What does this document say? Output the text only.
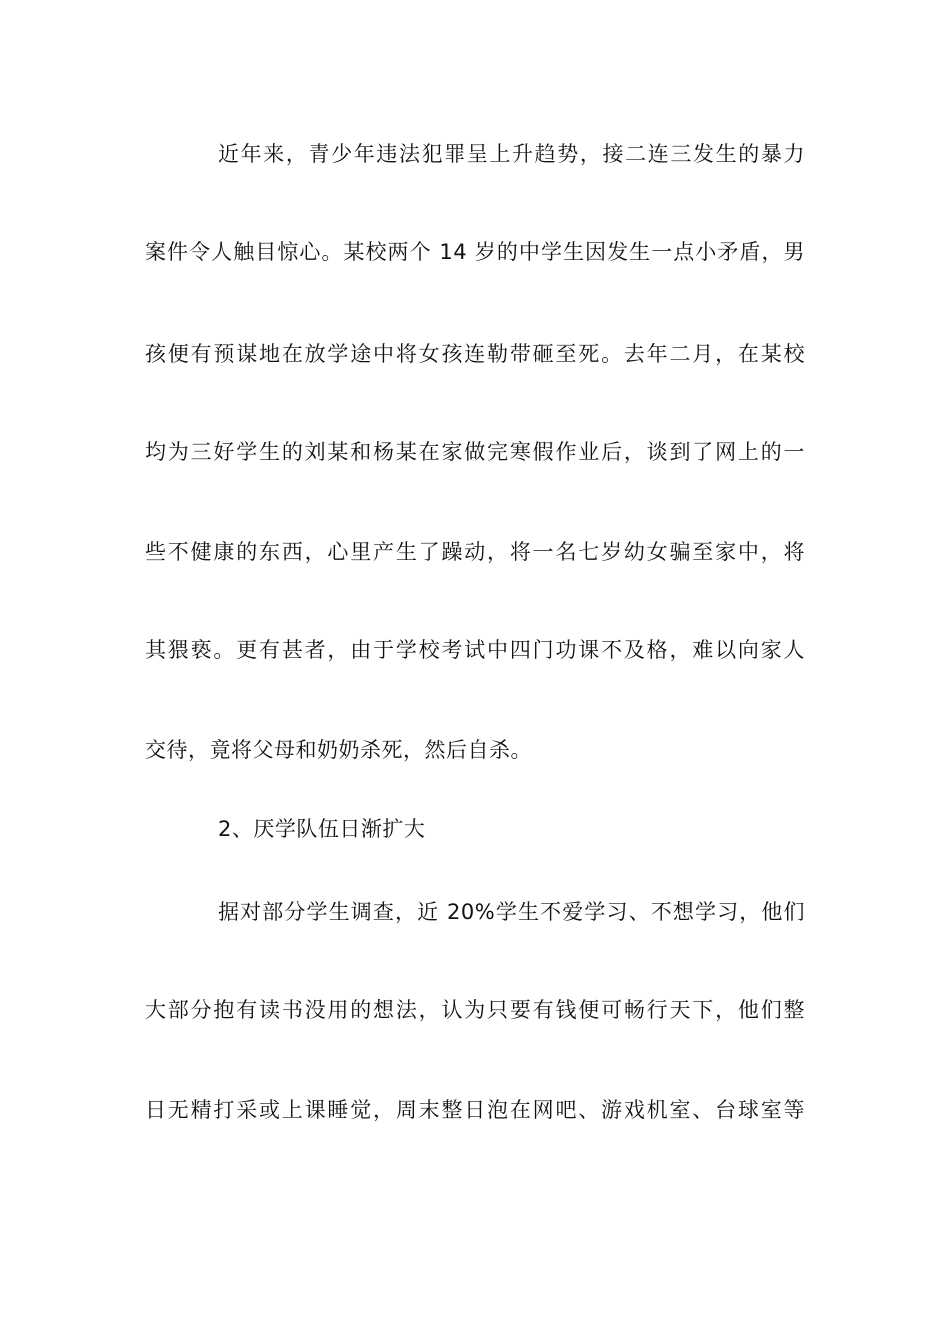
近年来，青少年违法犯罪呈上升趋势，接二连三发生的暴力
案件令人触目惊心。某校两个 14 岁的中学生因发生一点小矛盾，男
孩便有预谋地在放学途中将女孩连勒带砸至死。去年二月，在某校
均为三好学生的刘某和杨某在家做完寒假作业后，谈到了网上的一
些不健康的东西，心里产生了躁动，将一名七岁幼女骗至家中，将
其猥亵。更有甚者，由于学校考试中四门功课不及格，难以向家人
交待，竟将父母和奶奶杀死，然后自杀。
2、厌学队伍日渐扩大
据对部分学生调查，近 20%学生不爱学习、不想学习，他们
大部分抱有读书没用的想法，认为只要有钱便可畅行天下，他们整
日无精打采或上课睡觉，周末整日泡在网吧、游戏机室、台球室等
